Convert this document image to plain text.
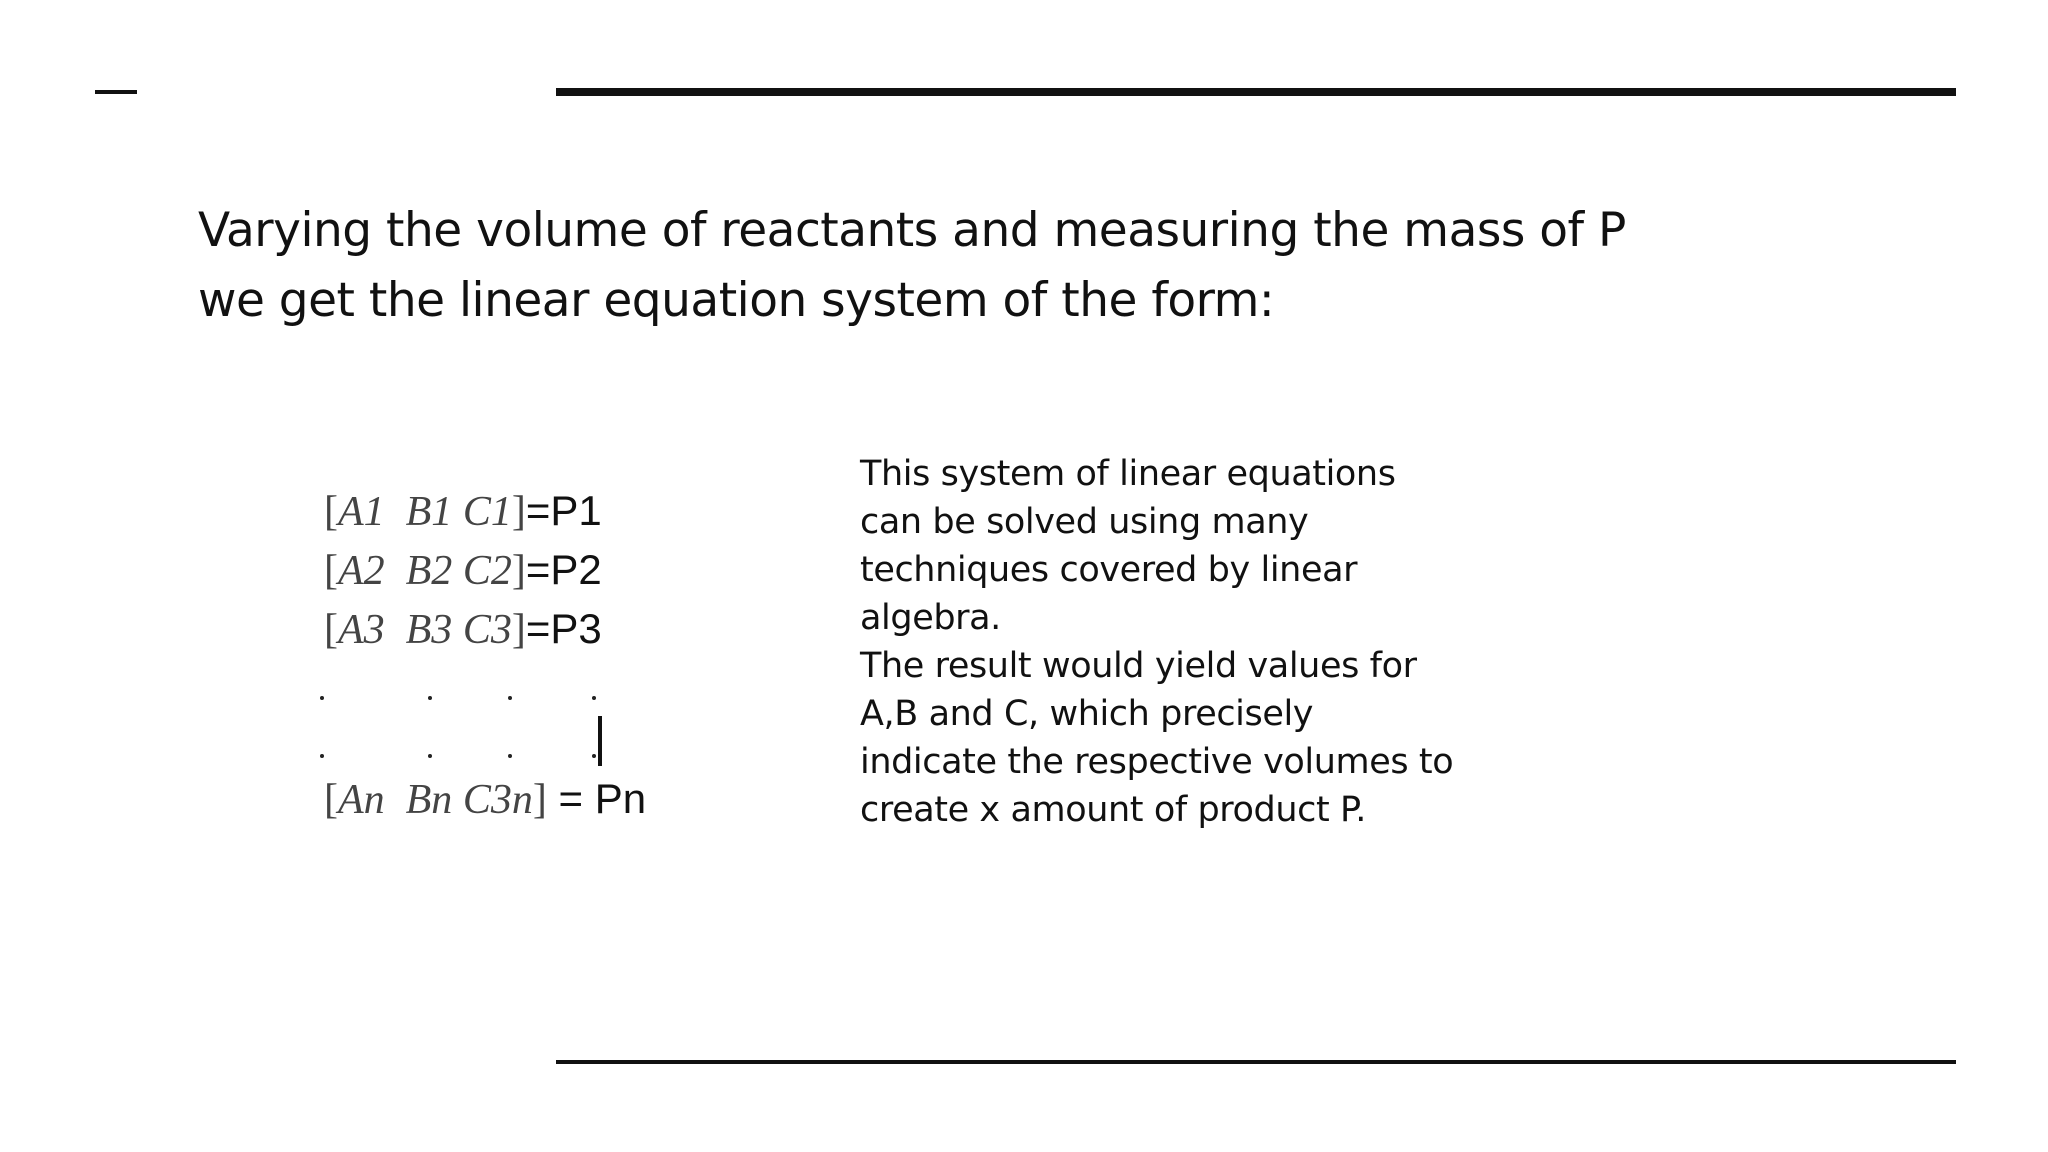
Varying the volume of reactants and measuring the mass of P
we get the linear equation system of the form:
[A1 B1 C1]=P1
[A2 B2 C2]=P2
[A3 B3 C3]=P3
[An Bn C3n] = Pn
This system of linear equations
can be solved using many
techniques covered by linear
algebra.
The result would yield values for
A,B and C, which precisely
indicate the respective volumes to
create x amount of product P.
